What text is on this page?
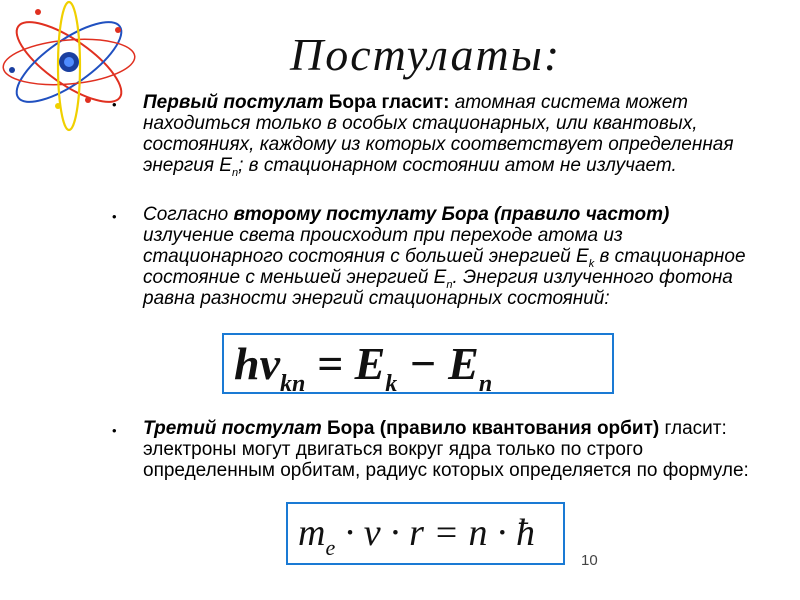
Постулаты:
• Первый постулат Бора гласит: атомная система может находиться только в особых стационарных, или квантовых, состояниях, каждому из которых соответствует определенная энергия $E_n$; в стационарном состоянии атом не излучает.
• Согласно второму постулату Бора (правило частот) излучение света происходит при переходе атома из стационарного состояния с большей энергией $E_k$ в стационарное состояние с меньшей энергией $E_n$. Энергия излученного фотона равна разности энергий стационарных состояний:
$h\nu_{kn} = E_k - E_n$
• Третий постулат Бора (правило квантования орбит) гласит: электроны могут двигаться вокруг ядра только по строго определенным орбитам, радиус которых определяется по формуле:
$m_e \cdot v \cdot r = n$ · ħ
10
